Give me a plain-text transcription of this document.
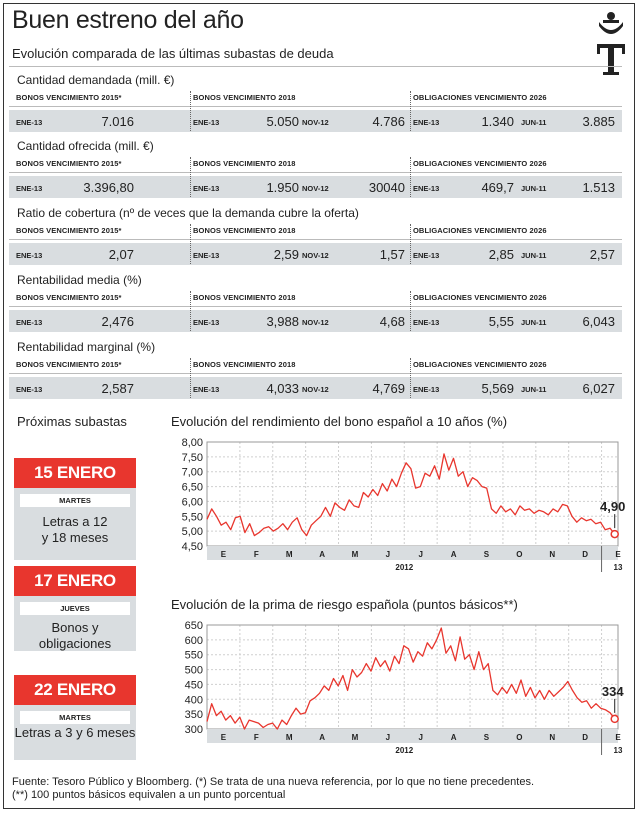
Buen estreno del año
Evolución comparada de las últimas subastas de deuda
Cantidad demandada (mill. €)
BONOS VENCIMIENTO 2015*	BONOS VENCIMIENTO 2018	OBLIGACIONES VENCIMIENTO 2026
ENE-13	ENE-13	NOV-12	ENE-13	JUN-11
7.016	5.050	4.786	1.340	3.885
Cantidad ofrecida (mill. €)
BONOS VENCIMIENTO 2015*	BONOS VENCIMIENTO 2018	OBLIGACIONES VENCIMIENTO 2026
ENE-13	ENE-13	NOV-12	ENE-13	JUN-11
3.396,80	1.950	30040	469,7	1.513
Ratio de cobertura (nº de veces que la demanda cubre la oferta)
BONOS VENCIMIENTO 2015*	BONOS VENCIMIENTO 2018	OBLIGACIONES VENCIMIENTO 2026
ENE-13	ENE-13	NOV-12	ENE-13	JUN-11
2,07	2,59	1,57	2,85	2,57
Rentabilidad media (%)
BONOS VENCIMIENTO 2015*	BONOS VENCIMIENTO 2018	OBLIGACIONES VENCIMIENTO 2026
ENE-13	ENE-13	NOV-12	ENE-13	JUN-11
2,476	3,988	4,68	5,55	6,043
Rentabilidad marginal (%)
BONOS VENCIMIENTO 2015*	BONOS VENCIMIENTO 2018	OBLIGACIONES VENCIMIENTO 2026
ENE-13	ENE-13	NOV-12	ENE-13	JUN-11
2,587	4,033	4,769	5,569	6,027
Próximas subastas
15 ENERO
MARTES
Letras a 12
y 18 meses
17 ENERO
JUEVES
Bonos y obligaciones
22 ENERO
MARTES
Letras a 3 y 6 meses
Evolución del rendimiento del bono español a 10 años (%)
4,50
5,00
5,50
6,00
6,50
7,00
7,50
8,00
E	F	M	A	M	J	J	A	S	O	N	D	E
2012	13
4,90
Evolución de la prima de riesgo española (puntos básicos**)
300
350
400
450
500
550
600
650
E	F	M	A	M	J	J	A	S	O	N	D	E
2012	13
334
Fuente: Tesoro Público y Bloomberg. (*) Se trata de una nueva referencia, por lo que no tiene precedentes.
(**) 100 puntos básicos equivalen a un punto porcentual
